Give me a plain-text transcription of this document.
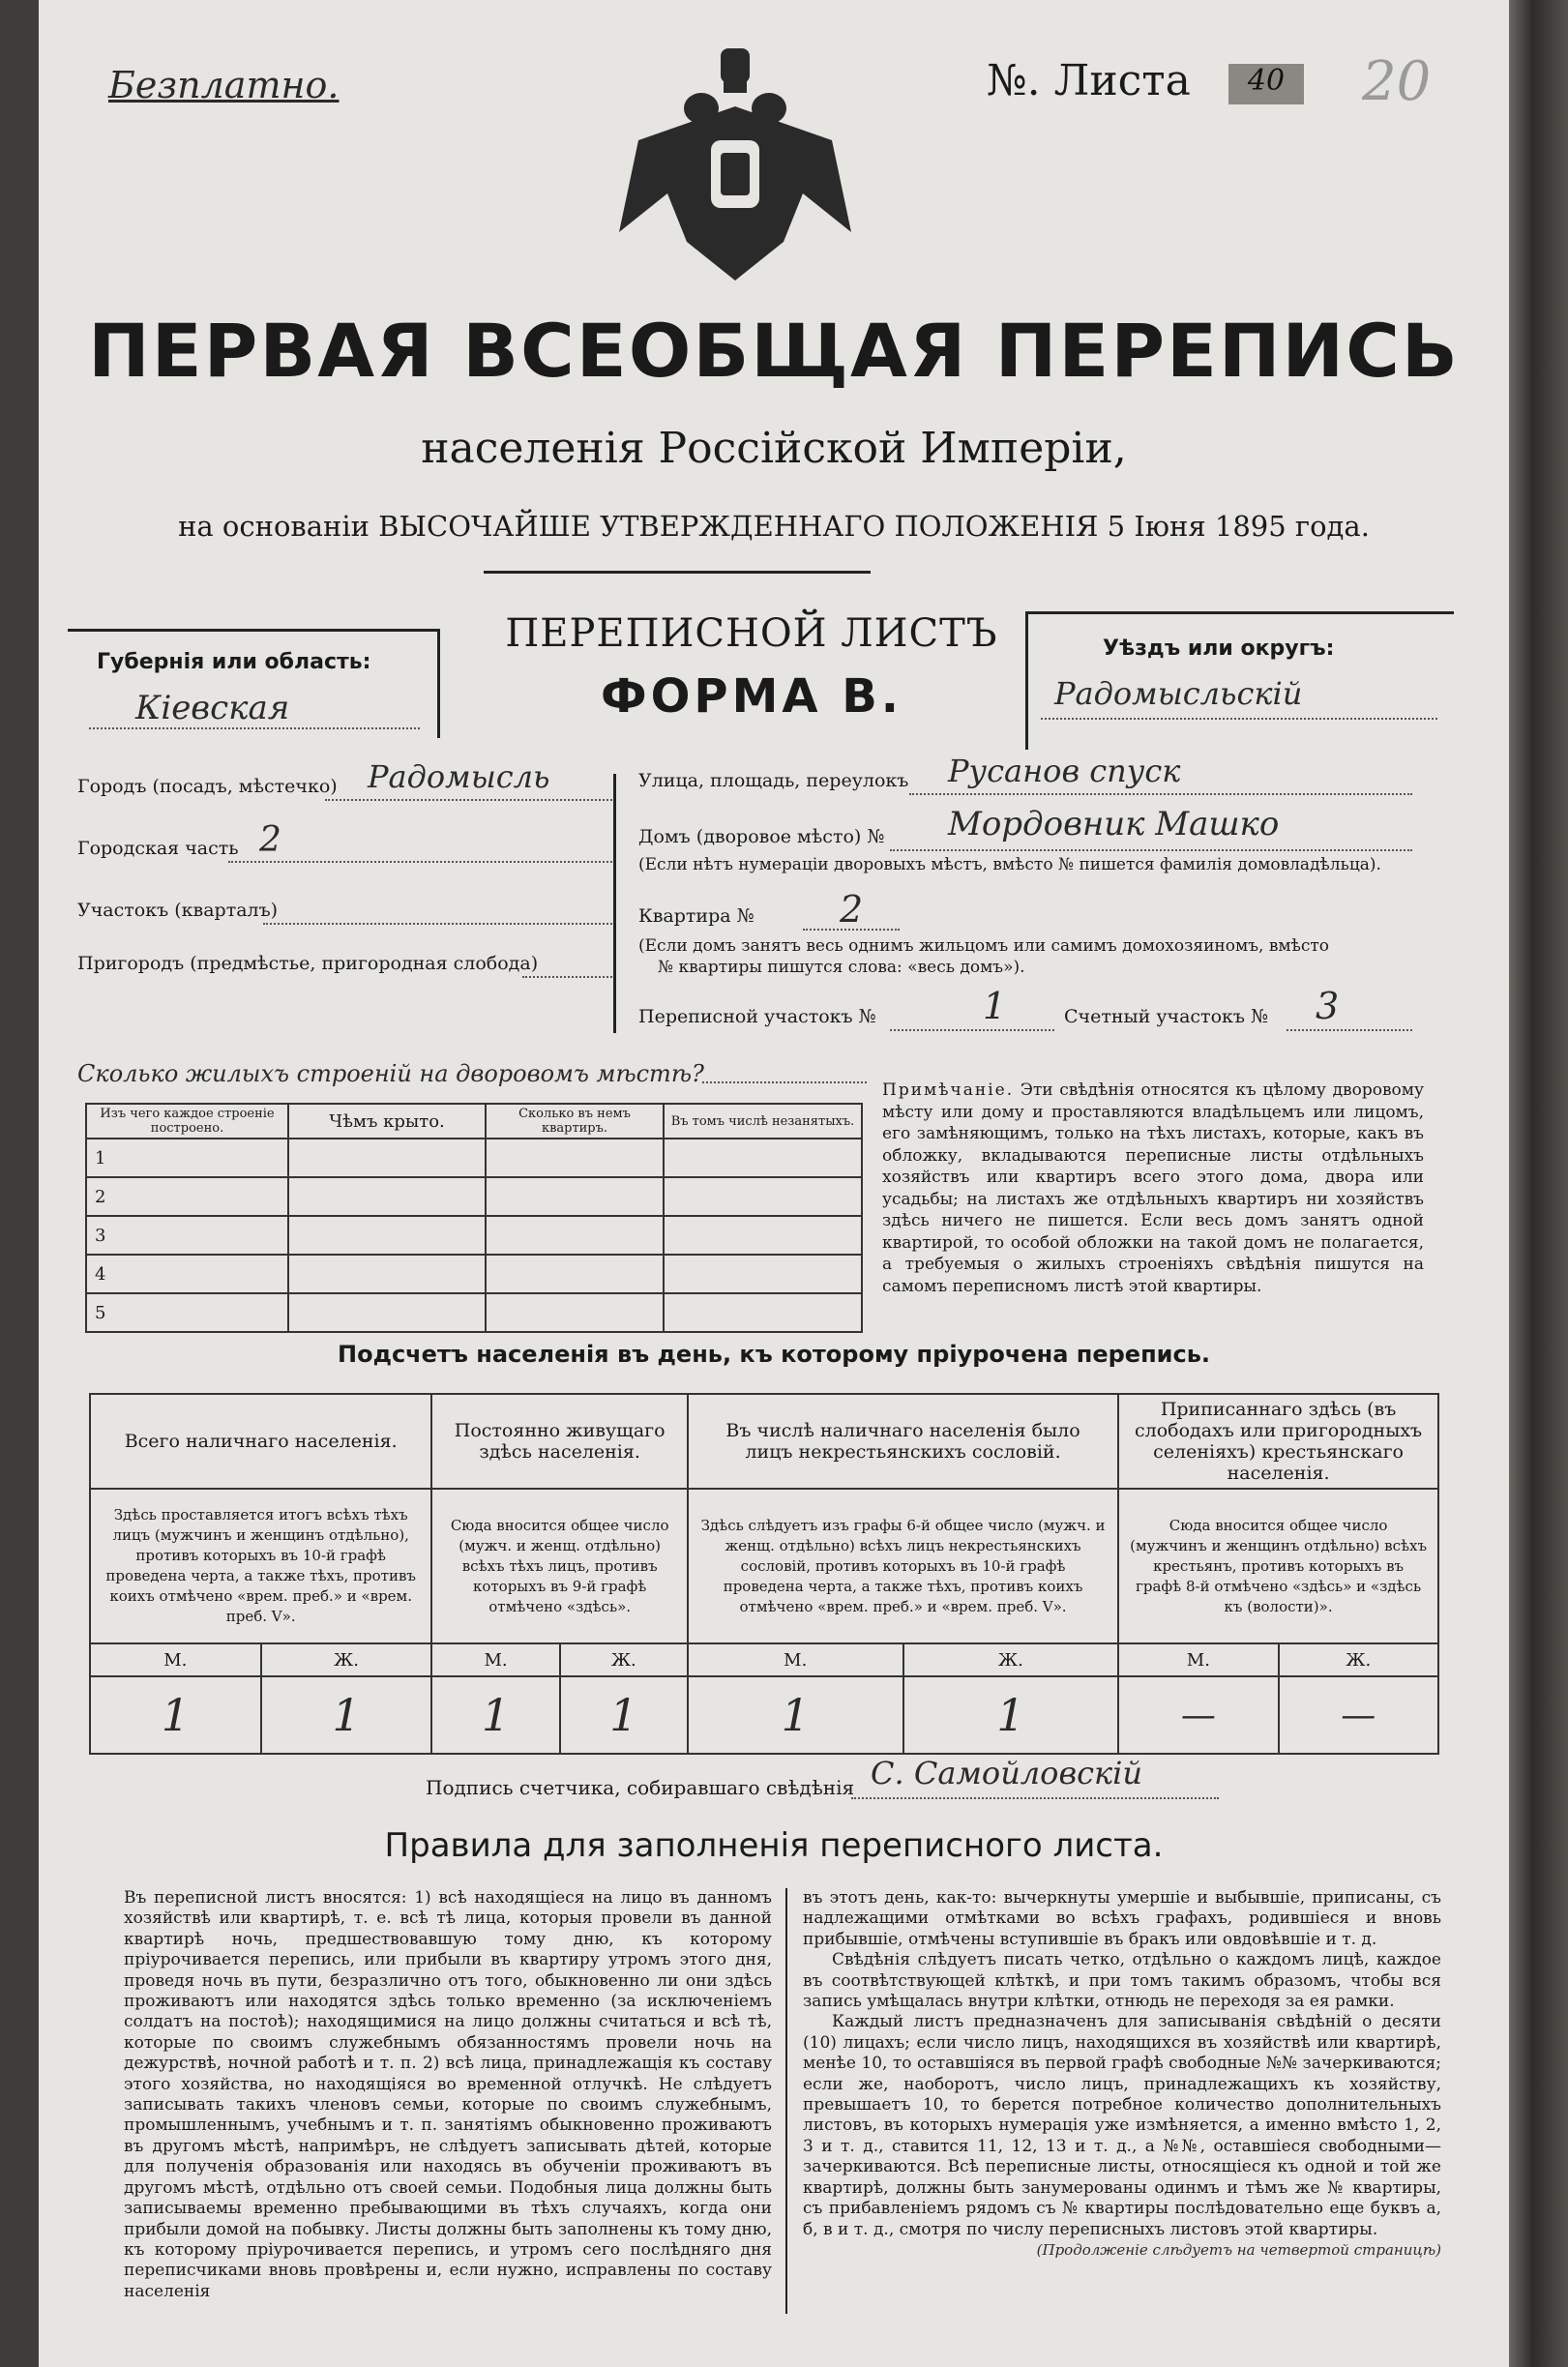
Безплатно.	№. Листа	40	20
ПЕРВАЯ ВСЕОБЩАЯ ПЕРЕПИСЬ
населенія Россійской Имперіи,
на основаніи ВЫСОЧАЙШЕ УТВЕРЖДЕННАГО ПОЛОЖЕНІЯ 5 Іюня 1895 года.
Губернія или область:
Кіевская
ПЕРЕПИСНОЙ ЛИСТЪ
ФОРМА В.
Уѣздъ или округъ:
Радомысльскій
Городъ (посадъ, мѣстечко) Радомысль
Городская часть 2
Участокъ (кварталъ)
Пригородъ (предмѣстье, пригородная слобода)
Улица, площадь, переулокъ Русанов спуск
Домъ (дворовое мѣсто) № Мордовник Машко
(Если нѣтъ нумераціи дворовыхъ мѣстъ, вмѣсто № пишется фамилія домовладѣльца).
Квартира № 2
(Если домъ занятъ весь однимъ жильцомъ или самимъ домохозяиномъ, вмѣсто
№ квартиры пишутся слова: «весь домъ»).
Переписной участокъ №	1	Счетный участокъ № 3
Сколько жилыхъ строеній на дворовомъ мѣстѣ?
Изъ чего каждое строеніе построено.	Чѣмъ крыто.	Сколько въ немъ квартиръ.	Въ томъ числѣ незанятыхъ.
1			
2			
3			
4			
5			
Примѣчаніе. Эти свѣдѣнія относятся къ цѣлому дворовому мѣсту или дому и проставляются владѣльцемъ или лицомъ, его замѣняющимъ, только на тѣхъ листахъ, которые, какъ въ обложку, вкладываются переписные листы отдѣльныхъ хозяйствъ или квартиръ всего этого дома, двора или усадьбы; на листахъ же отдѣльныхъ квартиръ ни хозяйствъ здѣсь ничего не пишется. Если весь домъ занятъ одной квартирой, то особой обложки на такой домъ не полагается, а требуемыя о жилыхъ строеніяхъ свѣдѣнія пишутся на самомъ переписномъ листѣ этой квартиры.
Подсчетъ населенія въ день, къ которому пріурочена перепись.
Всего наличнаго населенія.		Постоянно живущаго здѣсь населенія.		Въ числѣ наличнаго населенія было лицъ некрестьянскихъ сословій.		Приписаннаго здѣсь (въ слободахъ или пригородныхъ селеніяхъ) крестьянскаго населенія.	
Здѣсь проставляется итогъ всѣхъ тѣхъ лицъ (мужчинъ и женщинъ отдѣльно), противъ которыхъ въ 10-й графѣ проведена черта, а также тѣхъ, противъ коихъ отмѣчено «врем. преб.» и «врем. преб. V».		Сюда вносится общее число (мужч. и женщ. отдѣльно) всѣхъ тѣхъ лицъ, противъ которыхъ въ 9-й графѣ отмѣчено «здѣсь».		Здѣсь слѣдуетъ изъ графы 6-й общее число (мужч. и женщ. отдѣльно) всѣхъ лицъ некрестьянскихъ сословій, противъ которыхъ въ 10-й графѣ проведена черта, а также тѣхъ, противъ коихъ отмѣчено «врем. преб.» и «врем. преб. V».		Сюда вносится общее число (мужчинъ и женщинъ отдѣльно) всѣхъ крестьянъ, противъ которыхъ въ графѣ 8-й отмѣчено «здѣсь» и «здѣсь къ (волости)».	
М.	Ж.	М.	Ж.	М.	Ж.	М.	Ж.
1	1	1	1	1	1	—	—
Подпись счетчика, собиравшаго свѣдѣнія С. Самойловскій
Правила для заполненія переписного листа.
Въ переписной листъ вносятся: 1) всѣ находящіеся на лицо въ данномъ хозяйствѣ или квартирѣ, т. е. всѣ тѣ лица, которыя провели въ данной квартирѣ ночь, предшествовавшую тому дню, къ которому пріурочивается перепись, или прибыли въ квартиру утромъ этого дня, проведя ночь въ пути, безразлично отъ того, обыкновенно ли они здѣсь проживаютъ или находятся здѣсь только временно (за исключеніемъ солдатъ на постоѣ); находящимися на лицо должны считаться и всѣ тѣ, которые по своимъ служебнымъ обязанностямъ провели ночь на дежурствѣ, ночной работѣ и т. п. 2) всѣ лица, принадлежащія къ составу этого хозяйства, но находящіяся во временной отлучкѣ. Не слѣдуетъ записывать такихъ членовъ семьи, которые по своимъ служебнымъ, промышленнымъ, учебнымъ и т. п. занятіямъ обыкновенно проживаютъ въ другомъ мѣстѣ, напримѣръ, не слѣдуетъ записывать дѣтей, которые для полученія образованія или находясь въ обученіи проживаютъ въ другомъ мѣстѣ, отдѣльно отъ своей семьи. Подобныя лица должны быть записываемы временно пребывающими въ тѣхъ случаяхъ, когда они прибыли домой на побывку. Листы должны быть заполнены къ тому дню, къ которому пріурочивается перепись, и утромъ сего послѣдняго дня переписчиками вновь провѣрены и, если нужно, исправлены по составу населенія
въ этотъ день, как-то: вычеркнуты умершіе и выбывшіе, приписаны, съ надлежащими отмѣтками во всѣхъ графахъ, родившіеся и вновь прибывшіе, отмѣчены вступившіе въ бракъ или овдовѣвшіе и т. д.
Свѣдѣнія слѣдуетъ писать четко, отдѣльно о каждомъ лицѣ, каждое въ соотвѣтствующей клѣткѣ, и при томъ такимъ образомъ, чтобы вся запись умѣщалась внутри клѣтки, отнюдь не переходя за ея рамки.
Каждый листъ предназначенъ для записыванія свѣдѣній о десяти (10) лицахъ; если число лицъ, находящихся въ хозяйствѣ или квартирѣ, менѣе 10, то оставшіяся въ первой графѣ свободные №№ зачеркиваются; если же, наоборотъ, число лицъ, принадлежащихъ къ хозяйству, превышаетъ 10, то берется потребное количество дополнительныхъ листовъ, въ которыхъ нумерація уже измѣняется, а именно вмѣсто 1, 2, 3 и т. д., ставится 11, 12, 13 и т. д., а №№, оставшіеся свободными—зачеркиваются. Всѣ переписные листы, относящіеся къ одной и той же квартирѣ, должны быть занумерованы одинмъ и тѣмъ же № квартиры, съ прибавленіемъ рядомъ съ № квартиры послѣдовательно еще буквъ а, б, в и т. д., смотря по числу переписныхъ листовъ этой квартиры.
(Продолженіе слѣдуетъ на четвертой страницѣ)
